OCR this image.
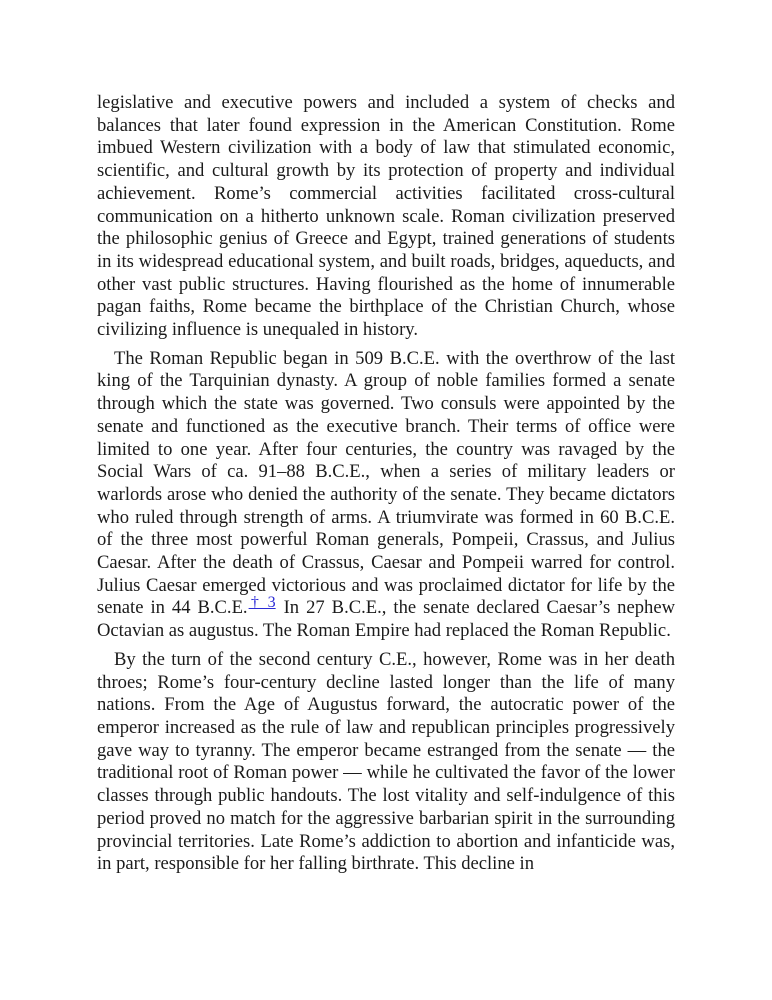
legislative and executive powers and included a system of checks and balances that later found expression in the American Constitution. Rome imbued Western civilization with a body of law that stimulated economic, scientific, and cultural growth by its protection of property and individual achievement. Rome’s commercial activities facilitated cross-cultural communication on a hitherto unknown scale. Roman civilization preserved the philosophic genius of Greece and Egypt, trained generations of students in its widespread educational system, and built roads, bridges, aqueducts, and other vast public structures. Having flourished as the home of innumerable pagan faiths, Rome became the birthplace of the Christian Church, whose civilizing influence is unequaled in history.

The Roman Republic began in 509 B.C.E. with the overthrow of the last king of the Tarquinian dynasty. A group of noble families formed a senate through which the state was governed. Two consuls were appointed by the senate and functioned as the executive branch. Their terms of office were limited to one year. After four centuries, the country was ravaged by the Social Wars of ca. 91–88 B.C.E., when a series of military leaders or warlords arose who denied the authority of the senate. They became dictators who ruled through strength of arms. A triumvirate was formed in 60 B.C.E. of the three most powerful Roman generals, Pompeii, Crassus, and Julius Caesar. After the death of Crassus, Caesar and Pompeii warred for control. Julius Caesar emerged victorious and was proclaimed dictator for life by the senate in 44 B.C.E.† 3 In 27 B.C.E., the senate declared Caesar’s nephew Octavian as augustus. The Roman Empire had replaced the Roman Republic.

By the turn of the second century C.E., however, Rome was in her death throes; Rome’s four-century decline lasted longer than the life of many nations. From the Age of Augustus forward, the autocratic power of the emperor increased as the rule of law and republican principles progressively gave way to tyranny. The emperor became estranged from the senate — the traditional root of Roman power — while he cultivated the favor of the lower classes through public handouts. The lost vitality and self-indulgence of this period proved no match for the aggressive barbarian spirit in the surrounding provincial territories. Late Rome’s addiction to abortion and infanticide was, in part, responsible for her falling birthrate. This decline in
